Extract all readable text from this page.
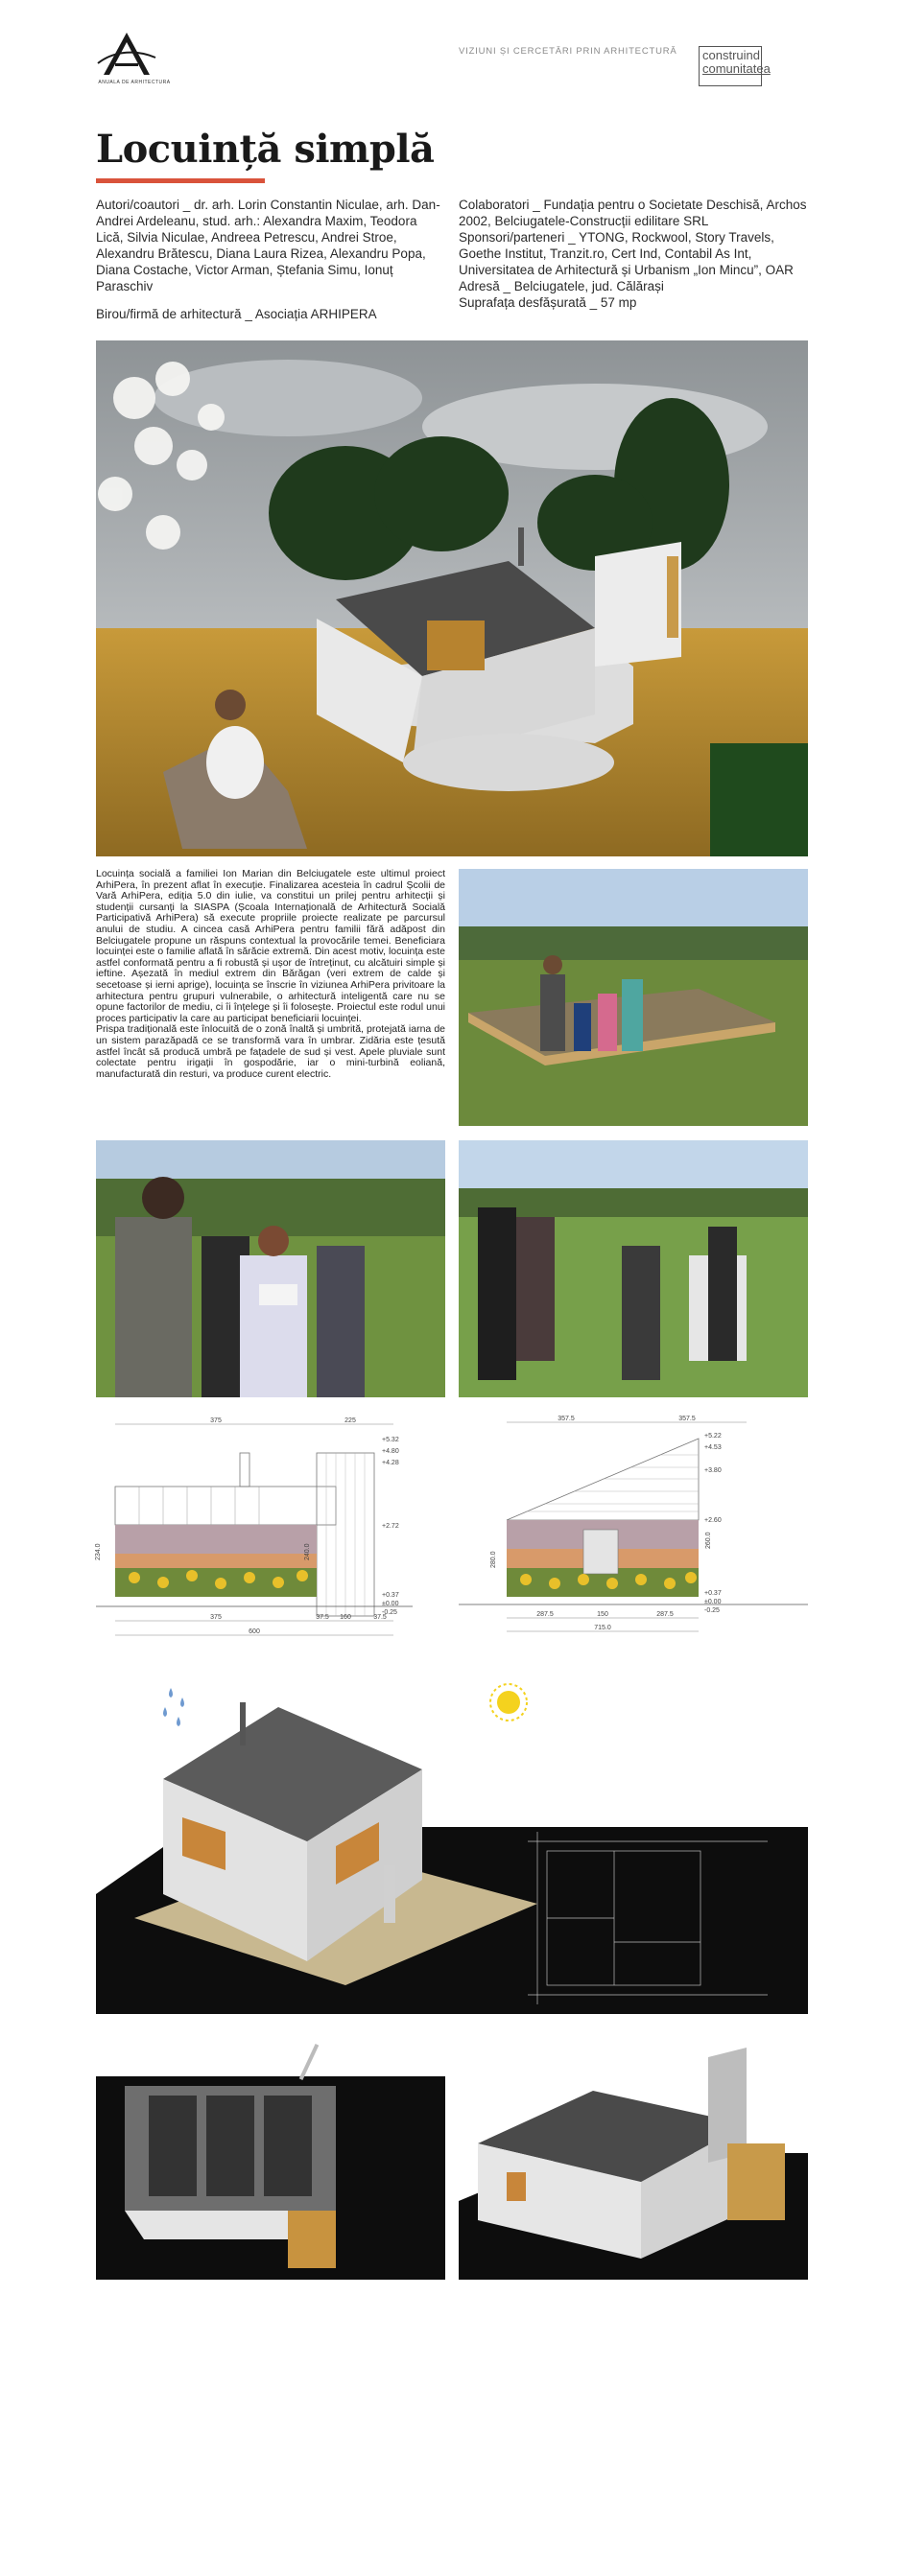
ANUALA DE ARHITECTURA
VIZIUNI ȘI CERCETĂRI PRIN ARHITECTURĂ construind
comunitatea
Locuință simplă

Autori/coautori _ dr. arh. Lorin Constantin Niculae, arh. Dan-Andrei Ardeleanu, stud. arh.: Alexandra Maxim, Teodora Lică, Silvia Niculae, Andreea Petrescu, Andrei Stroe, Alexandru Brătescu, Diana Laura Rizea, Alexandru Popa, Diana Costache, Victor Arman, Ștefania Simu, Ionuț Paraschiv

Birou/firmă de arhitectură _ Asociația ARHIPERA

Colaboratori _ Fundația pentru o Societate Deschisă, Archos 2002, Belciugatele-Construcții edilitare SRL

Sponsori/parteneri _ YTONG, Rockwool, Story Travels, Goethe Institut, Tranzit.ro, Cert Ind, Contabil As Int, Universitatea de Arhitectură și Urbanism „Ion Mincu”, OAR

Adresă _ Belciugatele, jud. Călărași

Suprafața desfășurată _ 57 mp

Locuința socială a familiei Ion Marian din Belciugatele este ultimul proiect ArhiPera, în prezent aflat în execuție. Finalizarea acesteia în cadrul Școlii de Vară ArhiPera, ediția 5.0 din iulie, va constitui un prilej pentru arhitecții și studenții cursanți la SIASPA (Școala Internațională de Arhitectură Socială Participativă ArhiPera) să execute propriile proiecte realizate pe parcursul anului de studiu. A cincea casă ArhiPera pentru familii fără adăpost din Belciugatele propune un răspuns contextual la provocările temei. Beneficiara locuinței este o familie aflată în sărăcie extremă. Din acest motiv, locuința este astfel conformată pentru a fi robustă și ușor de întreținut, cu alcătuiri simple și ieftine. Așezată în mediul extrem din Bărăgan (veri extrem de calde și secetoase și ierni aprige), locuința se înscrie în viziunea ArhiPera privitoare la arhitectura pentru grupuri vulnerabile, o arhitectură inteligentă care nu se opune factorilor de mediu, ci îi înțelege și îi folosește. Proiectul este rodul unui proces participativ la care au participat beneficiarii locuinței.

Prispa tradițională este înlocuită de o zonă înaltă și umbrită, protejată iarna de un sistem parazăpadă ce se transformă vara în umbrar. Zidăria este țesută astfel încât să producă umbră pe fațadele de sud și vest. Apele pluviale sunt colectate pentru irigații în gospodărie, iar o mini-turbină eoliană, manufacturată din resturi, va produce curent electric.

375	225
375	37.5 160	37.5
600
+5.32
+4.80
+4.28
+2.72
+0.37
±0.00
-0.25
234.0	240.0
357.5	357.5
287.5	150	287.5
715.0
+5.22
+4.53
+3.80
+2.60
+0.37
±0.00
-0.25
280.0
260.0
